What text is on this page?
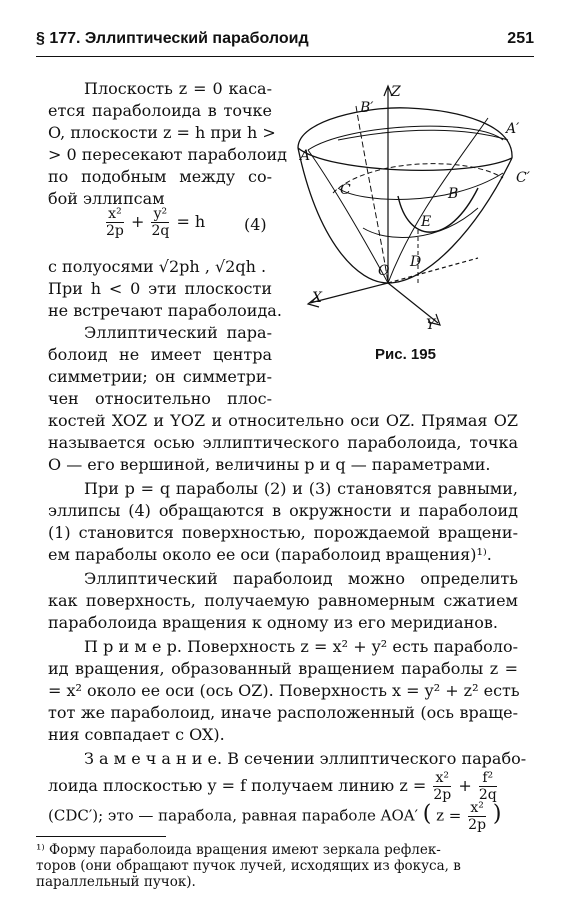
§ 177. Эллиптический параболоид	251
Плоскость z = 0 каса-
ется параболоида в точке
O, плоскости z = h при h >
> 0 пересекают параболоид
по подобным между со-
бой эллипсам
$\frac{\text{x²}}{2p} + \frac{\text{y²}}{2q} = h$ (4)
с полуосями √2ph , √2qh .
При h < 0 эти плоскости
не встречают параболоида.
Эллиптический пара-
болоид не имеет центра
симметрии; он симметри-
чен относительно плос-
Z
X
Y
O
A
A′
B′
B
C
C′
D
E
Рис. 195
костей XOZ и YOZ и относительно оси OZ. Прямая OZ
называется осью эллиптического параболоида, точка
O — его вершиной, величины p и q — параметрами.
При p = q параболы (2) и (3) становятся равными,
эллипсы (4) обращаются в окружности и параболоид
(1) становится поверхностью, порождаемой вращени-
ем параболы около ее оси (параболоид вращения)¹⁾.
Эллиптический параболоид можно определить
как поверхность, получаемую равномерным сжатием
параболоида вращения к одному из его меридианов.
П р и м е р. Поверхность z = x² + y² есть параболо-
ид вращения, образованный вращением параболы z =
= x² около ее оси (ось OZ). Поверхность x = y² + z² есть
тот же параболоид, иначе расположенный (ось враще-
ния совпадает с OX).
З а м е ч а н и е. В сечении эллиптического парабо-
лоида плоскостью y = f получаем линию $z = \frac{\text{x²}}{2p} + \frac{\text{f²}}{2q}$
¹⁾ Форму параболоида вращения имеют зеркала рефлек-
торов (они обращают пучок лучей, исходящих из фокуса, в
параллельный пучок).
(CDC′); это — парабола, равная параболе AOA′ ( $z = \frac{\text{x²}}{2p}$ )
